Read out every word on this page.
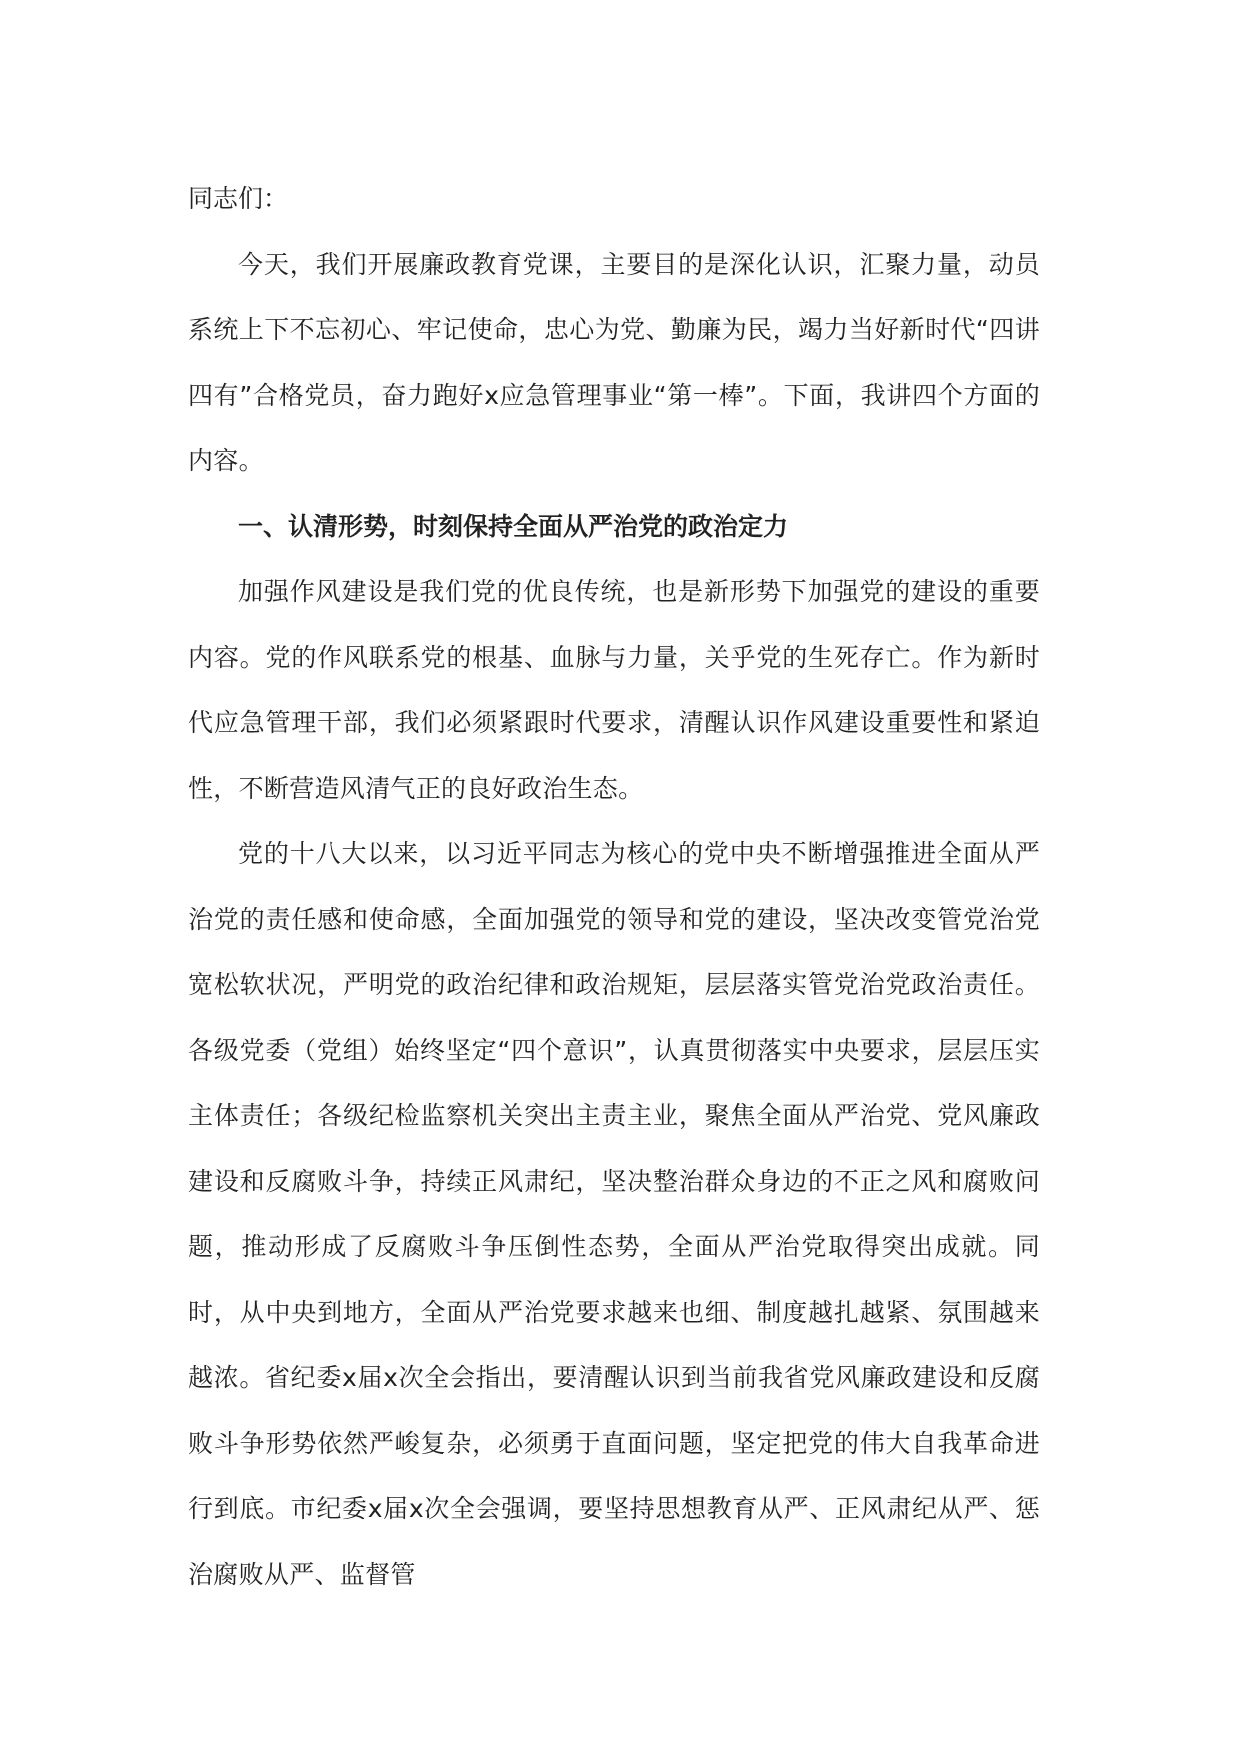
同志们：

今天，我们开展廉政教育党课，主要目的是深化认识，汇聚力量，动员系统上下不忘初心、牢记使命，忠心为党、勤廉为民，竭力当好新时代“四讲四有”合格党员，奋力跑好x应急管理事业“第一棒”。下面，我讲四个方面的内容。

一、认清形势，时刻保持全面从严治党的政治定力

加强作风建设是我们党的优良传统，也是新形势下加强党的建设的重要内容。党的作风联系党的根基、血脉与力量，关乎党的生死存亡。作为新时代应急管理干部，我们必须紧跟时代要求，清醒认识作风建设重要性和紧迫性，不断营造风清气正的良好政治生态。

党的十八大以来，以习近平同志为核心的党中央不断增强推进全面从严治党的责任感和使命感，全面加强党的领导和党的建设，坚决改变管党治党宽松软状况，严明党的政治纪律和政治规矩，层层落实管党治党政治责任。各级党委（党组）始终坚定“四个意识”，认真贯彻落实中央要求，层层压实主体责任；各级纪检监察机关突出主责主业，聚焦全面从严治党、党风廉政建设和反腐败斗争，持续正风肃纪，坚决整治群众身边的不正之风和腐败问题，推动形成了反腐败斗争压倒性态势，全面从严治党取得突出成就。同时，从中央到地方，全面从严治党要求越来也细、制度越扎越紧、氛围越来越浓。省纪委x届x次全会指出，要清醒认识到当前我省党风廉政建设和反腐败斗争形势依然严峻复杂，必须勇于直面问题，坚定把党的伟大自我革命进行到底。市纪委x届x次全会强调，要坚持思想教育从严、正风肃纪从严、惩治腐败从严、监督管
